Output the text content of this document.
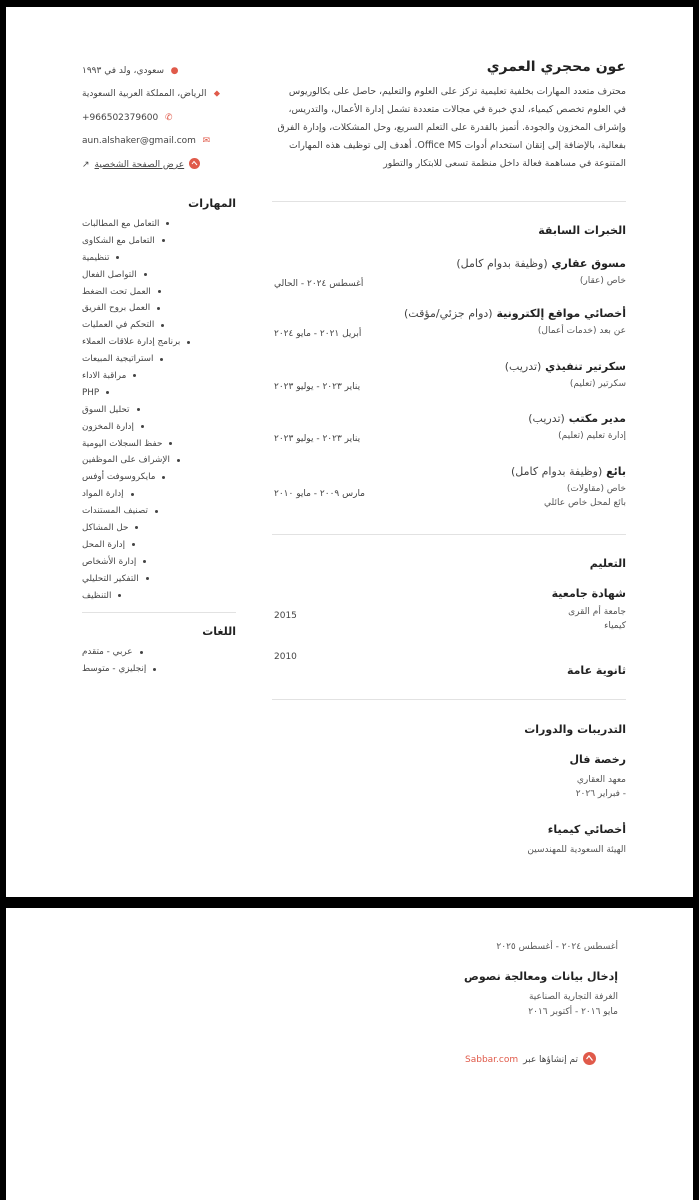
عون محجري العمري

محترف متعدد المهارات بخلفية تعليمية تركز على العلوم والتعليم، حاصل على بكالوريوس في العلوم تخصص كيمياء، لدي خبرة في مجالات متعددة تشمل إدارة الأعمال، والتدريس، وإشراف المخزون والجودة. أتميز بالقدرة على التعلم السريع، وحل المشكلات، وإدارة الفرق بفعالية، بالإضافة إلى إتقان استخدام أدوات Office MS. أهدف إلى توظيف هذه المهارات المتنوعة في مساهمة فعالة داخل منظمة تسعى للابتكار والتطور

الخبرات السابقة
مسوق عقاري (وظيفة بدوام كامل)
خاص (عقار)
أغسطس ٢٠٢٤ - الحالي
أخصائي مواقع إلكترونية (دوام جزئي/مؤقت)
عن بعد (خدمات أعمال)
أبريل ٢٠٢١ - مايو ٢٠٢٤
سكرتير تنفيذي (تدريب)
سكرتير (تعليم)
يناير ٢٠٢٣ - يوليو ٢٠٢٣
مدير مكتب (تدريب)
إدارة تعليم (تعليم)
يناير ٢٠٢٣ - يوليو ٢٠٢٣
بائع (وظيفة بدوام كامل)
خاص (مقاولات)
بائع لمحل خاص عائلي
مارس ٢٠٠٩ - مايو ٢٠١٠
التعليم
شهادة جامعية
جامعة أم القرى
كيمياء
2015
2010
ثانوية عامة
التدريبات والدورات
رخصة فال
معهد العقاري
- فبراير ٢٠٢٦
أخصائي كيمياء
الهيئة السعودية للمهندسين
●
سعودي، ولد في ١٩٩٣
⬥
الرياض، المملكة العربية السعودية
✆
+966502379600
✉
aun.alshaker@gmail.com
عرض الصفحة الشخصية
↗
المهارات
التعامل مع المطالبات
التعامل مع الشكاوى
تنظيمية
التواصل الفعال
العمل تحت الضغط
العمل بروح الفريق
التحكم في العمليات
برنامج إدارة علاقات العملاء
استراتيجية المبيعات
مراقبة الاداء
PHP
تحليل السوق
إدارة المخزون
حفظ السجلات اليومية
الإشراف على الموظفين
مايكروسوفت أوفس
إدارة المواد
تصنيف المستندات
حل المشاكل
إدارة المحل
إدارة الأشخاص
التفكير التحليلي
التنظيف
اللغات
عربي - متقدم
إنجليزي - متوسط
أغسطس ٢٠٢٤ - أغسطس ٢٠٢٥
إدخال بيانات ومعالجة نصوص
الغرفة التجارية الصناعية
مايو ٢٠١٦ - أكتوبر ٢٠١٦
Sabbar.com تم إنشاؤها عبر
